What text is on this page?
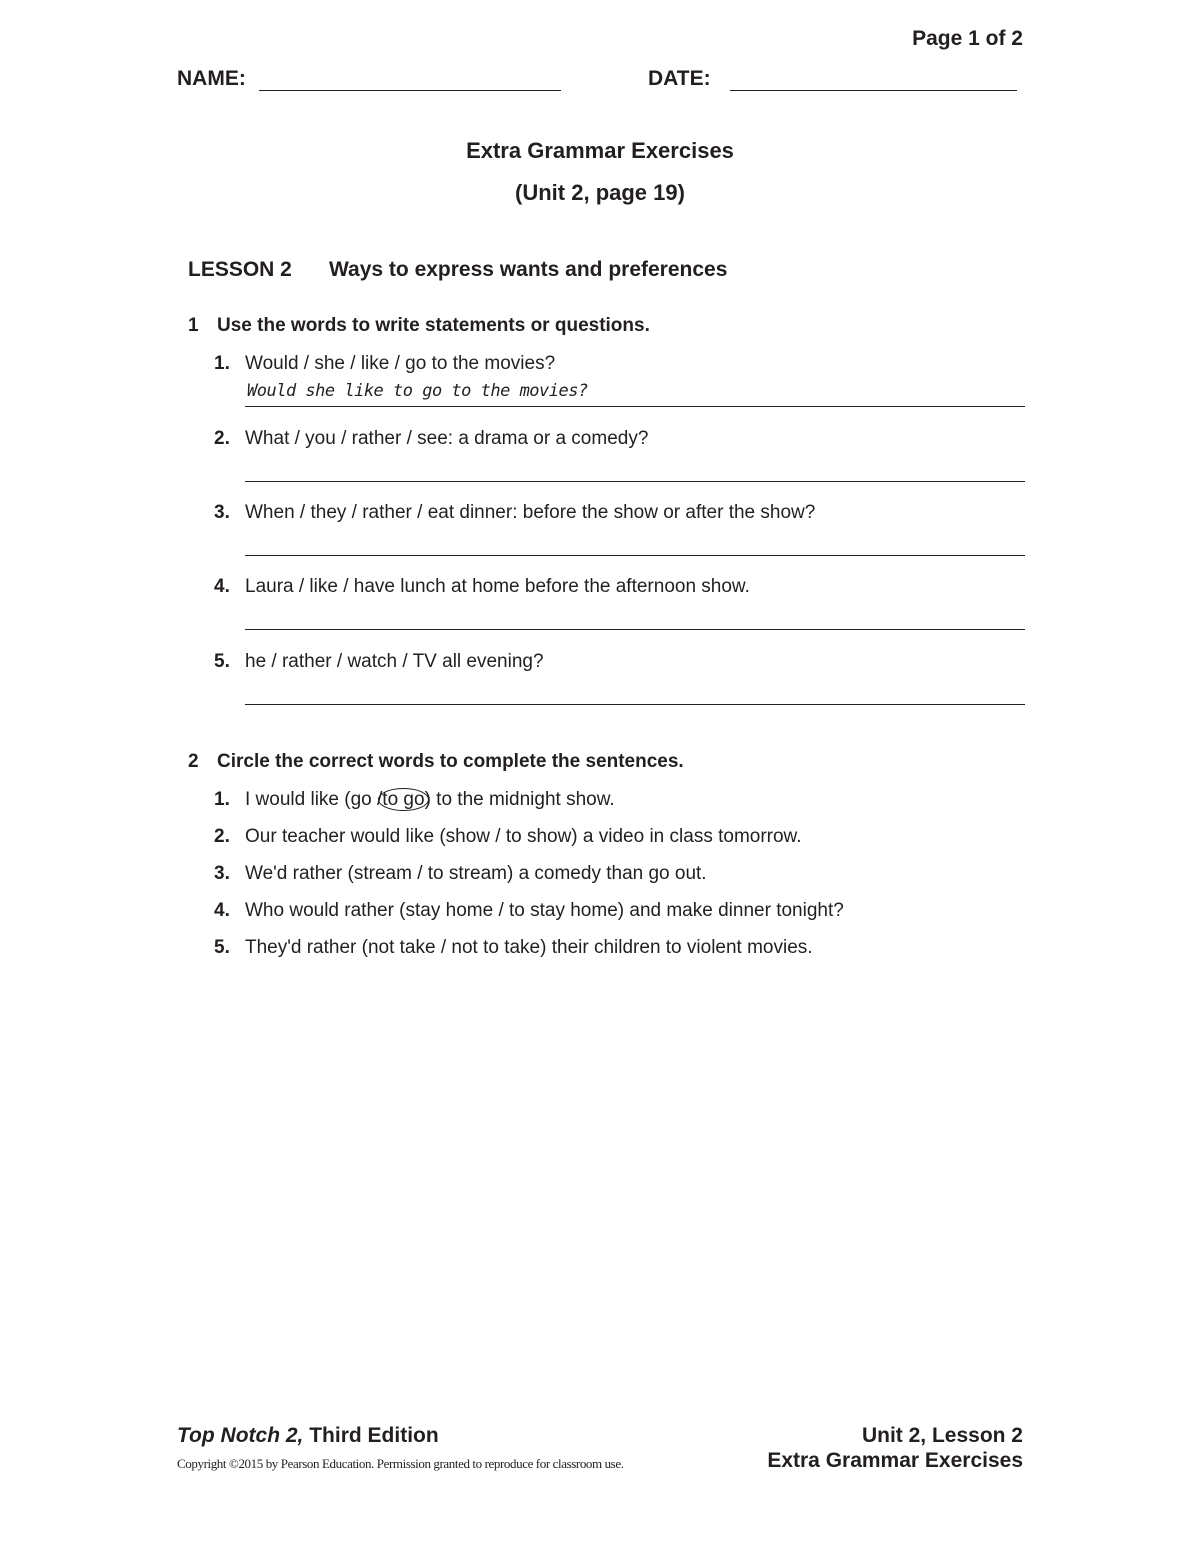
Page 1 of 2
NAME:	DATE:
Extra Grammar Exercises
(Unit 2, page 19)
LESSON 2 Ways to express wants and preferences
1 Use the words to write statements or questions.
1. Would / she / like / go to the movies?
Would she like to go to the movies?
2. What / you / rather / see: a drama or a comedy?
3. When / they / rather / eat dinner: before the show or after the show?
4. Laura / like / have lunch at home before the afternoon show.
5. he / rather / watch / TV all evening?
2 Circle the correct words to complete the sentences.
1. I would like (go /to go) to the midnight show.
2. Our teacher would like (show / to show) a video in class tomorrow.
3. We'd rather (stream / to stream) a comedy than go out.
4. Who would rather (stay home / to stay home) and make dinner tonight?
5. They'd rather (not take / not to take) their children to violent movies.
Top Notch 2, Third Edition	Unit 2, Lesson 2
Copyright ©2015 by Pearson Education. Permission granted to reproduce for classroom use.	Extra Grammar Exercises
